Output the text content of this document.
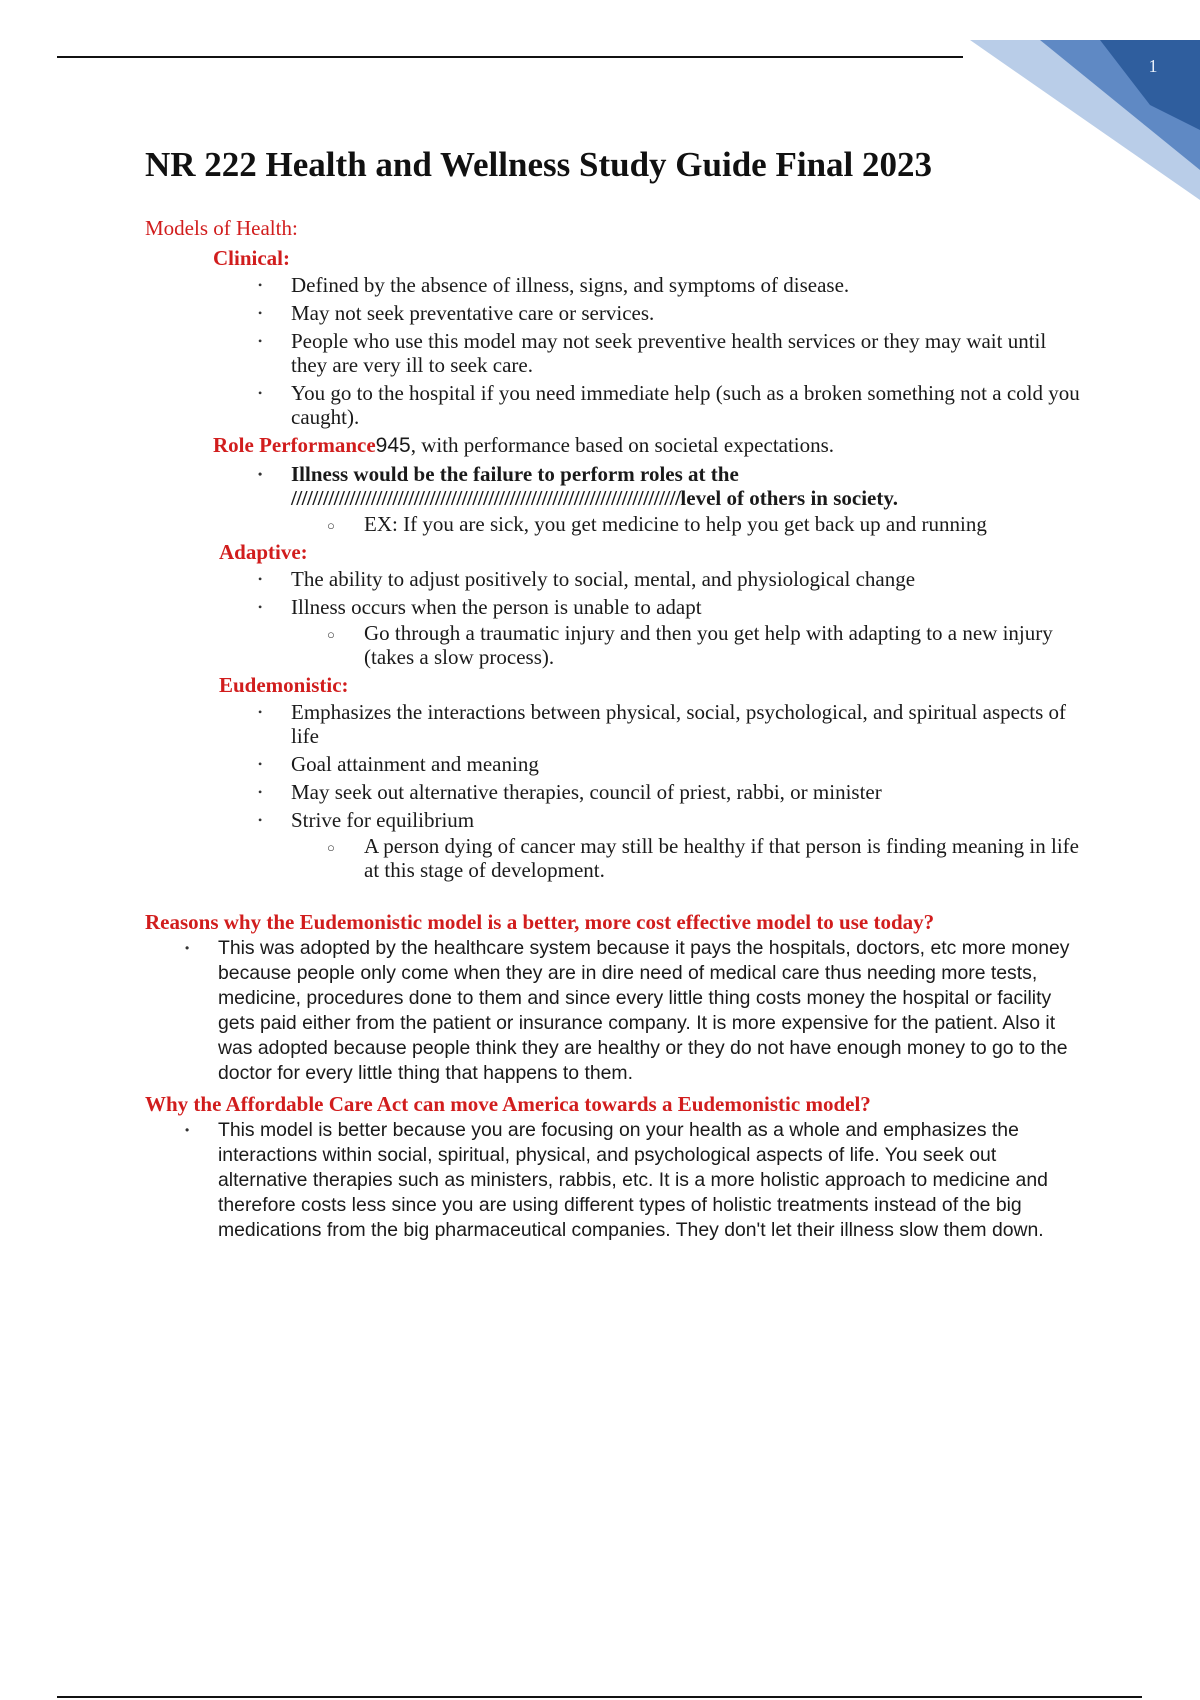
1
NR 222 Health and Wellness Study Guide Final 2023

Models of Health:

Clinical:

• Defined by the absence of illness, signs, and symptoms of disease.
• May not seek preventative care or services.
• People who use this model may not seek preventive health services or they may wait until they are very ill to seek care.
• You go to the hospital if you need immediate help (such as a broken something not a cold you caught).

Role Performance945, with performance based on societal expectations.

• Illness would be the failure to perform roles at the /////////////////////////////////////////////////////////////////////////level of others in society.
○ EX: If you are sick, you get medicine to help you get back up and running

Adaptive:

• The ability to adjust positively to social, mental, and physiological change
• Illness occurs when the person is unable to adapt
○ Go through a traumatic injury and then you get help with adapting to a new injury (takes a slow process).

Eudemonistic:

• Emphasizes the interactions between physical, social, psychological, and spiritual aspects of life
• Goal attainment and meaning
• May seek out alternative therapies, council of priest, rabbi, or minister
• Strive for equilibrium
○ A person dying of cancer may still be healthy if that person is finding meaning in life at this stage of development.

Reasons why the Eudemonistic model is a better, more cost effective model to use today?

• This was adopted by the healthcare system because it pays the hospitals, doctors, etc more money because people only come when they are in dire need of medical care thus needing more tests, medicine, procedures done to them and since every little thing costs money the hospital or facility gets paid either from the patient or insurance company. It is more expensive for the patient. Also it was adopted because people think they are healthy or they do not have enough money to go to the doctor for every little thing that happens to them.

Why the Affordable Care Act can move America towards a Eudemonistic model?

• This model is better because you are focusing on your health as a whole and emphasizes the interactions within social, spiritual, physical, and psychological aspects of life. You seek out alternative therapies such as ministers, rabbis, etc. It is a more holistic approach to medicine and therefore costs less since you are using different types of holistic treatments instead of the big medications from the big pharmaceutical companies. They don't let their illness slow them down.
